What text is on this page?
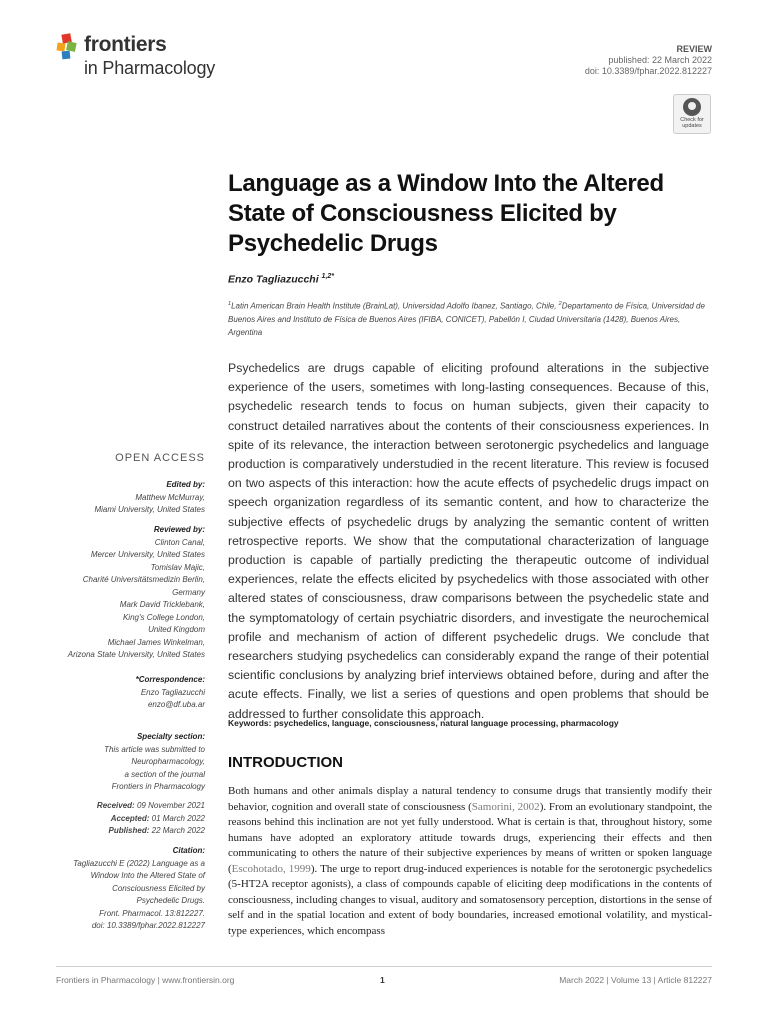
frontiers
in Pharmacology
REVIEW
published: 22 March 2022
doi: 10.3389/fphar.2022.812227
Check for updates
Language as a Window Into the Altered State of Consciousness Elicited by Psychedelic Drugs
Enzo Tagliazucchi $^{1,2*}$
$^1$Latin American Brain Health Institute (BrainLat), Universidad Adolfo Ibanez, Santiago, Chile, $^2$Departamento de Física, Universidad de Buenos Aires and Instituto de Física de Buenos Aires (IFIBA, CONICET), Pabellón I, Ciudad Universitaria (1428), Buenos Aires, Argentina
Psychedelics are drugs capable of eliciting profound alterations in the subjective experience of the users, sometimes with long-lasting consequences. Because of this, psychedelic research tends to focus on human subjects, given their capacity to construct detailed narratives about the contents of their consciousness experiences. In spite of its relevance, the interaction between serotonergic psychedelics and language production is comparatively understudied in the recent literature. This review is focused on two aspects of this interaction: how the acute effects of psychedelic drugs impact on speech organization regardless of its semantic content, and how to characterize the subjective effects of psychedelic drugs by analyzing the semantic content of written retrospective reports. We show that the computational characterization of language production is capable of partially predicting the therapeutic outcome of individual experiences, relate the effects elicited by psychedelics with those associated with other altered states of consciousness, draw comparisons between the psychedelic state and the symptomatology of certain psychiatric disorders, and investigate the neurochemical profile and mechanism of action of different psychedelic drugs. We conclude that researchers studying psychedelics can considerably expand the range of their potential scientific conclusions by analyzing brief interviews obtained before, during and after the acute effects. Finally, we list a series of questions and open problems that should be addressed to further consolidate this approach.
Keywords: psychedelics, language, consciousness, natural language processing, pharmacology
INTRODUCTION
Both humans and other animals display a natural tendency to consume drugs that transiently modify their behavior, cognition and overall state of consciousness (Samorini, 2002). From an evolutionary standpoint, the reasons behind this inclination are not yet fully understood. What is certain is that, throughout history, some humans have adopted an exploratory attitude towards drugs, experiencing their effects and then communicating to others the nature of their subjective experiences by means of written or spoken language (Escohotado, 1999). The urge to report drug-induced experiences is notable for the serotonergic psychedelics (5-HT2A receptor agonists), a class of compounds capable of eliciting deep modifications in the contents of consciousness, including changes to visual, auditory and somatosensory perception, distortions in the sense of self and in the spatial location and extent of body boundaries, increased emotional volatility, and mystical-type experiences, which encompass
OPEN ACCESS
Edited by:
Matthew McMurray,
Miami University, United States
Reviewed by:
Clinton Canal,
Mercer University, United States
Tomislav Majic,
Charité Universitätsmedizin Berlin,
Germany
Mark David Tricklebank,
King's College London,
United Kingdom
Michael James Winkelman,
Arizona State University, United States
*Correspondence:
Enzo Tagliazucchi
enzo@df.uba.ar
Specialty section:
This article was submitted to
Neuropharmacology,
a section of the journal
Frontiers in Pharmacology
Received: 09 November 2021
Accepted: 01 March 2022
Published: 22 March 2022
Citation:
Tagliazucchi E (2022) Language as a
Window Into the Altered State of
Consciousness Elicited by
Psychedelic Drugs.
Front. Pharmacol. 13:812227.
doi: 10.3389/fphar.2022.812227
Frontiers in Pharmacology | www.frontiersin.org	1	March 2022 | Volume 13 | Article 812227
